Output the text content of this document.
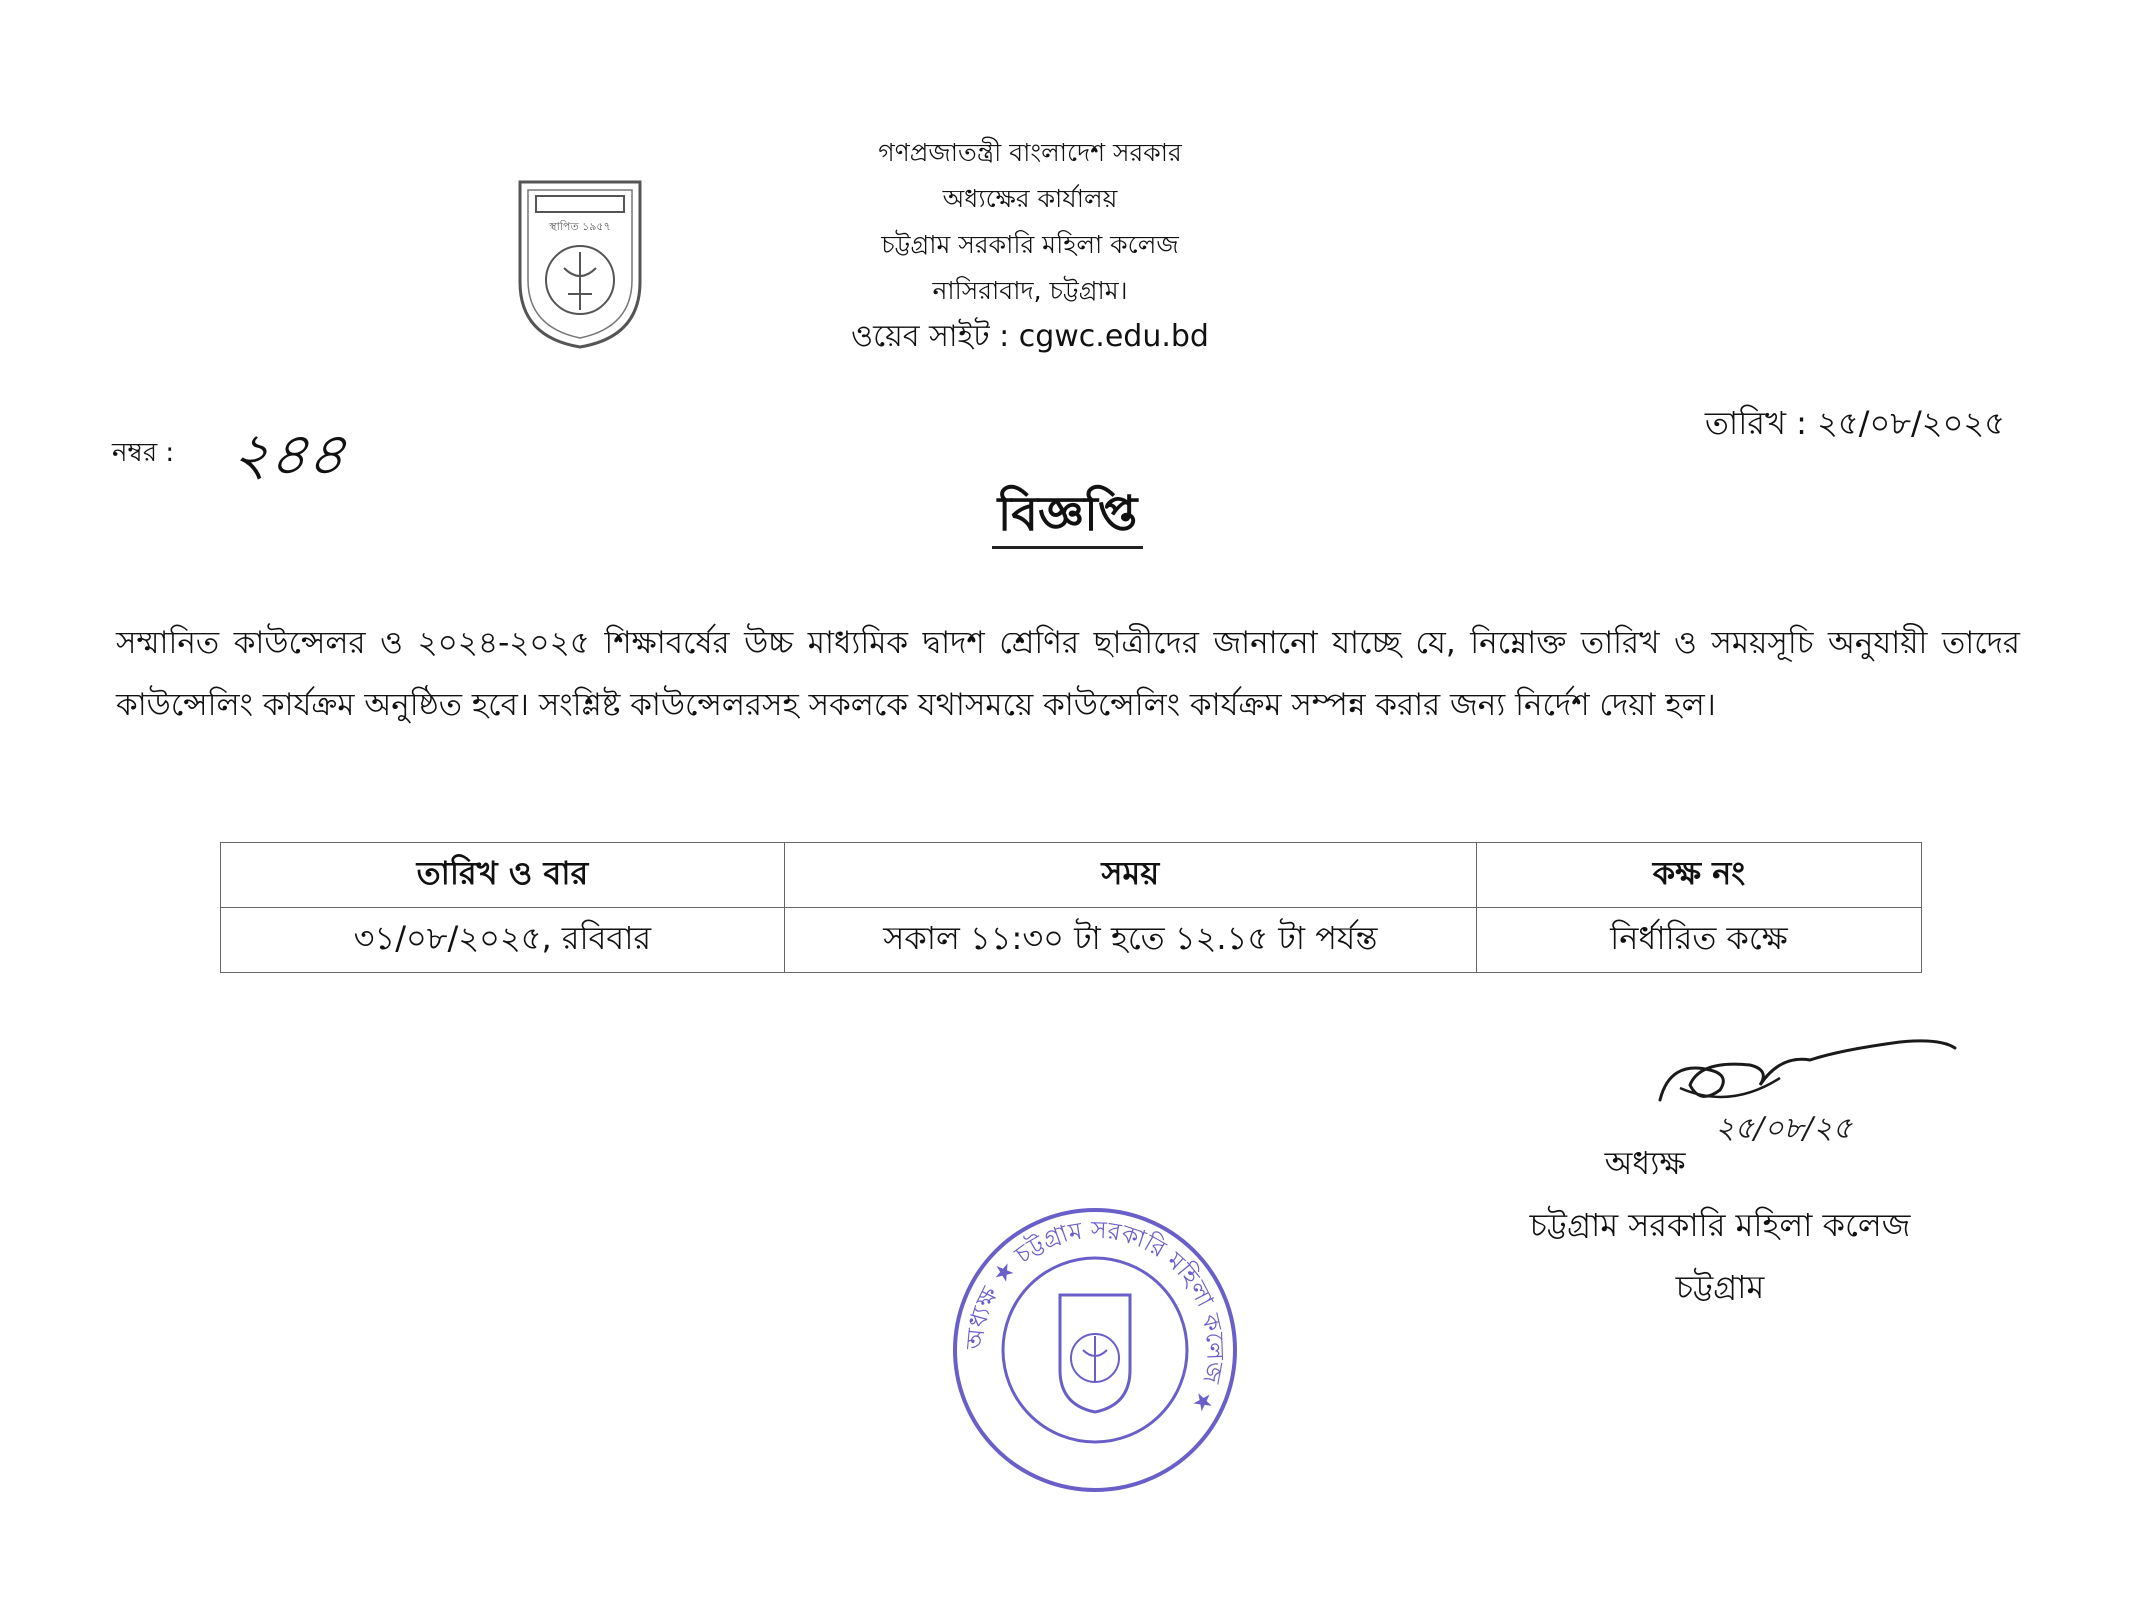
স্থাপিত ১৯৫৭
গণপ্রজাতন্ত্রী বাংলাদেশ সরকার
অধ্যক্ষের কার্যালয়
চট্টগ্রাম সরকারি মহিলা কলেজ
নাসিরাবাদ, চট্টগ্রাম।
ওয়েব সাইট : cgwc.edu.bd
নম্বর : ২৪৪	তারিখ : ২৫/০৮/২০২৫
বিজ্ঞপ্তি
সম্মানিত কাউন্সেলর ও ২০২৪-২০২৫ শিক্ষাবর্ষের উচ্চ মাধ্যমিক দ্বাদশ শ্রেণির ছাত্রীদের জানানো যাচ্ছে যে, নিম্নোক্ত তারিখ ও সময়সূচি অনুযায়ী তাদের কাউন্সেলিং কার্যক্রম অনুষ্ঠিত হবে। সংশ্লিষ্ট কাউন্সেলরসহ সকলকে যথাসময়ে কাউন্সেলিং কার্যক্রম সম্পন্ন করার জন্য নির্দেশ দেয়া হল।
তারিখ ও বার	সময়	কক্ষ নং
৩১/০৮/২০২৫, রবিবার	সকাল ১১:৩০ টা হতে ১২.১৫ টা পর্যন্ত	নির্ধারিত কক্ষে
২৫/০৮/২৫
অধ্যক্ষ
চট্টগ্রাম সরকারি মহিলা কলেজ
চট্টগ্রাম
অধ্যক্ষ ★ চট্টগ্রাম সরকারি মহিলা কলেজ ★
